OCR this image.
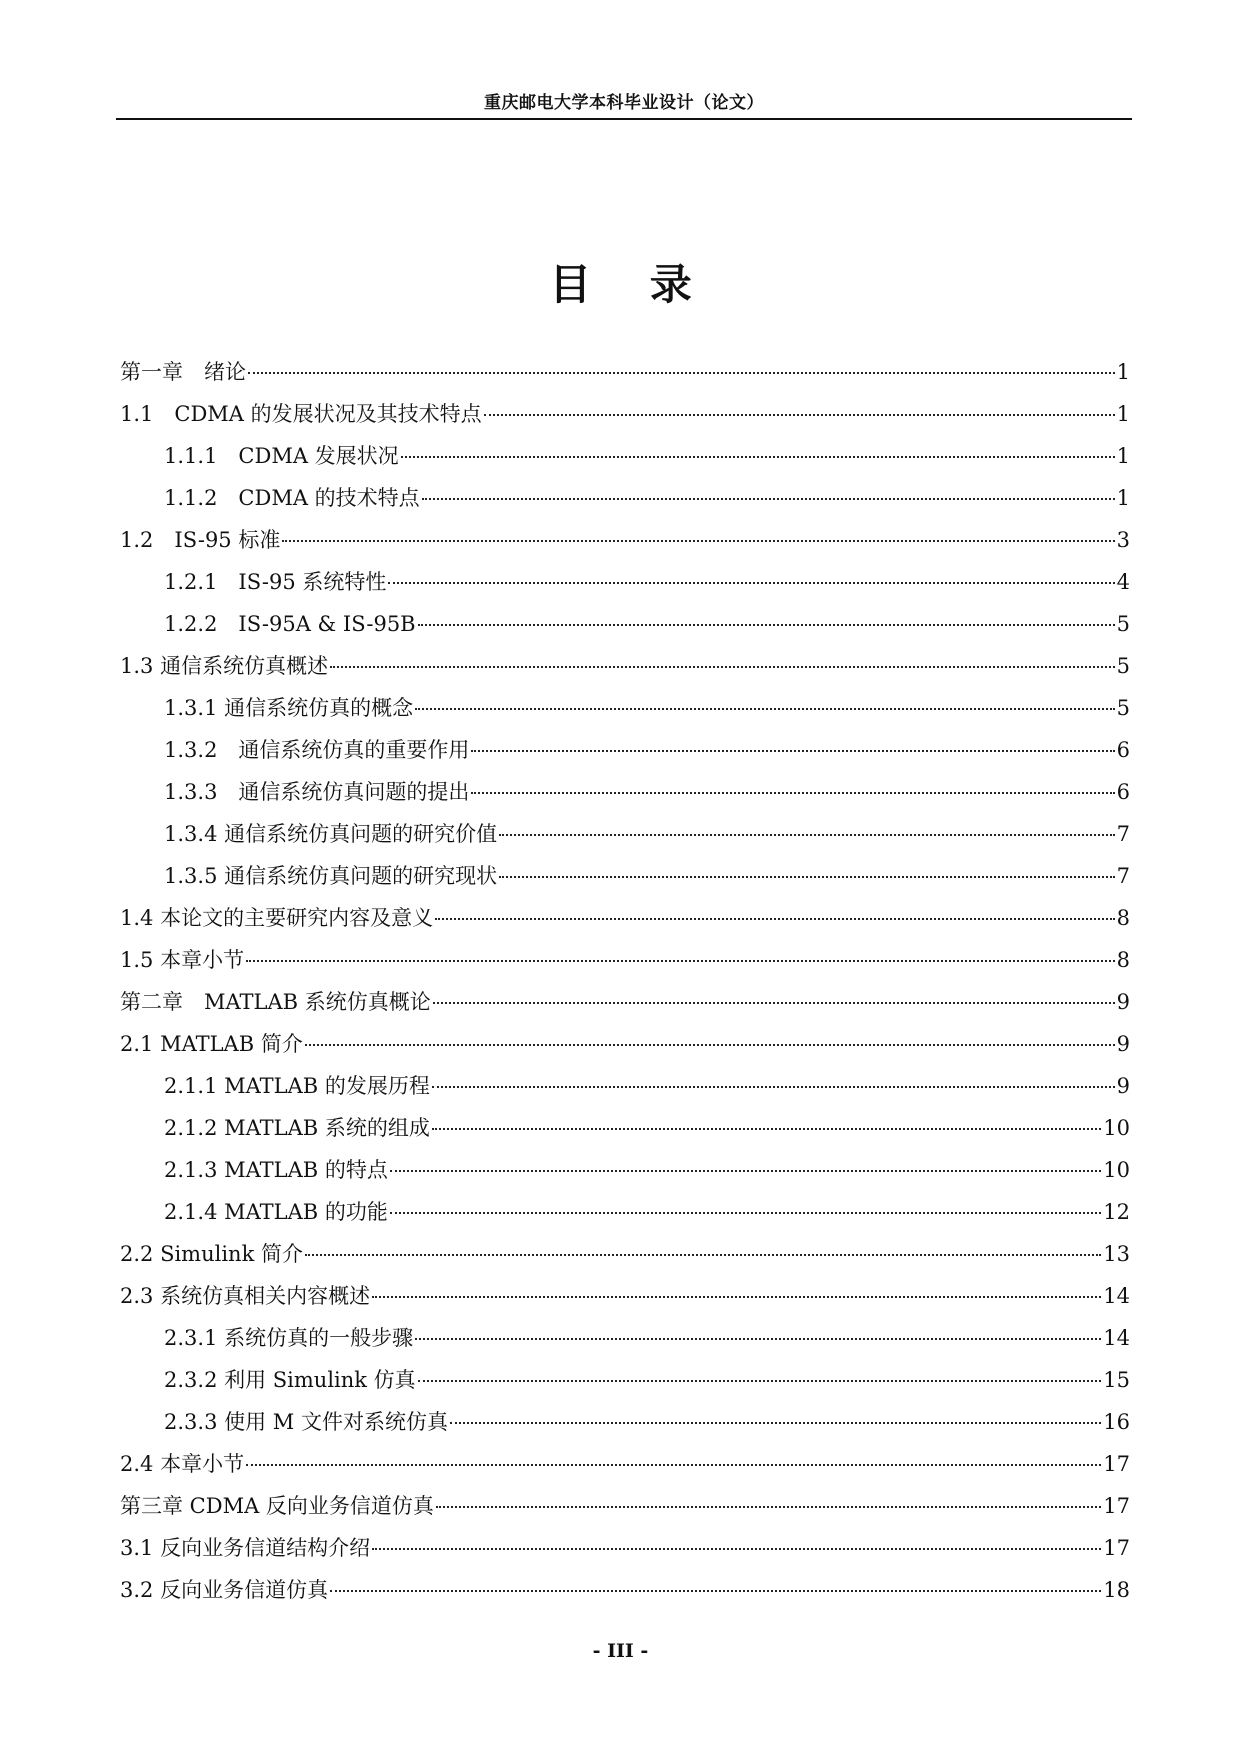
重庆邮电大学本科毕业设计（论文）
目 录
第一章　绪论	1
1.1　CDMA 的发展状况及其技术特点	1
1.1.1　CDMA 发展状况	1
1.1.2　CDMA 的技术特点	1
1.2　IS-95 标准	3
1.2.1　IS-95 系统特性	4
1.2.2　IS-95A & IS-95B	5
1.3 通信系统仿真概述	5
1.3.1 通信系统仿真的概念	5
1.3.2　通信系统仿真的重要作用	6
1.3.3　通信系统仿真问题的提出	6
1.3.4 通信系统仿真问题的研究价值	7
1.3.5 通信系统仿真问题的研究现状	7
1.4 本论文的主要研究内容及意义	8
1.5 本章小节	8
第二章　MATLAB 系统仿真概论	9
2.1 MATLAB 简介	9
2.1.1 MATLAB 的发展历程	9
2.1.2 MATLAB 系统的组成	10
2.1.3 MATLAB 的特点	10
2.1.4 MATLAB 的功能	12
2.2 Simulink 简介	13
2.3 系统仿真相关内容概述	14
2.3.1 系统仿真的一般步骤	14
2.3.2 利用 Simulink 仿真	15
2.3.3 使用 M 文件对系统仿真	16
2.4 本章小节	17
第三章 CDMA 反向业务信道仿真	17
3.1 反向业务信道结构介绍	17
3.2 反向业务信道仿真	18
- III -
